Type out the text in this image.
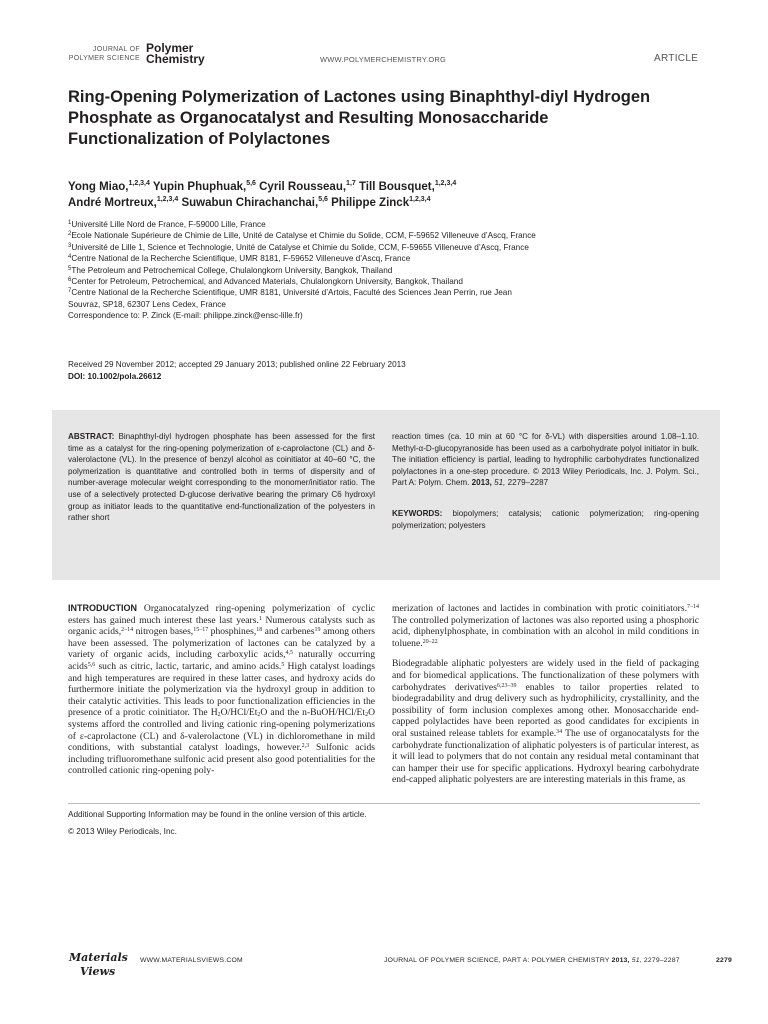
JOURNAL OF
POLYMER SCIENCE
Polymer
Chemistry	WWW.POLYMERCHEMISTRY.ORG	ARTICLE
Ring-Opening Polymerization of Lactones using Binaphthyl-diyl Hydrogen
Phosphate as Organocatalyst and Resulting Monosaccharide
Functionalization of Polylactones
Yong Miao,$^{1,2,3,4}$ Yupin Phuphuak,$^{5,6}$ Cyril Rousseau,$^{1,7}$ Till Bousquet,$^{1,2,3,4}$
André Mortreux,$^{1,2,3,4}$ Suwabun Chirachanchai,$^{5,6}$ Philippe Zinck$^{1,2,3,4}$
$^1$Université Lille Nord de France, F-59000 Lille, France
$^2$Ecole Nationale Supérieure de Chimie de Lille, Unité de Catalyse et Chimie du Solide, CCM, F-59652 Villeneuve d’Ascq, France
$^3$Université de Lille 1, Science et Technologie, Unité de Catalyse et Chimie du Solide, CCM, F-59655 Villeneuve d’Ascq, France
$^4$Centre National de la Recherche Scientifique, UMR 8181, F-59652 Villeneuve d’Ascq, France
$^5$The Petroleum and Petrochemical College, Chulalongkorn University, Bangkok, Thailand
$^6$Center for Petroleum, Petrochemical, and Advanced Materials, Chulalongkorn University, Bangkok, Thailand
$^7$Centre National de la Recherche Scientifique, UMR 8181, Université d’Artois, Faculté des Sciences Jean Perrin, rue Jean
Souvraz, SP18, 62307 Lens Cedex, France
Correspondence to: P. Zinck (E-mail: philippe.zinck@ensc-lille.fr)
Received 29 November 2012; accepted 29 January 2013; published online 22 February 2013
DOI: 10.1002/pola.26612
ABSTRACT: Binaphthyl-diyl hydrogen phosphate has been assessed for the first time as a catalyst for the ring-opening polymerization of ε-caprolactone (CL) and δ-valerolactone (VL). In the presence of benzyl alcohol as coinitiator at 40–60 °C, the polymerization is quantitative and controlled both in terms of dispersity and of number-average molecular weight corresponding to the monomer/initiator ratio. The use of a selectively protected D-glucose derivative bearing the primary C6 hydroxyl group as initiator leads to the quantitative end-functionalization of the polyesters in rather short
reaction times (ca. 10 min at 60 °C for δ-VL) with dispersities around 1.08–1.10. Methyl-α-D-glucopyranoside has been used as a carbohydrate polyol initiator in bulk. The initiation efficiency is partial, leading to hydrophilic carbohydrates functionalized polylactones in a one-step procedure. © 2013 Wiley Periodicals, Inc. J. Polym. Sci., Part A: Polym. Chem. 2013, 51, 2279–2287
KEYWORDS: biopolymers; catalysis; cationic polymerization; ring-opening polymerization; polyesters

INTRODUCTION Organocatalyzed ring-opening polymerization of cyclic esters has gained much interest these last years.$^1$ Numerous catalysts such as organic acids,$^{2-14}$ nitrogen bases,$^{15-17}$ phosphines,$^{18}$ and carbenes$^{19}$ among others have been assessed. The polymerization of lactones can be catalyzed by a variety of organic acids, including carboxylic acids,$^{4,5}$ naturally occurring acids$^{5,6}$ such as citric, lactic, tartaric, and amino acids.$^5$ High catalyst loadings and high temperatures are required in these latter cases, and hydroxy acids do furthermore initiate the polymerization via the hydroxyl group in addition to their catalytic activities. This leads to poor functionalization efficiencies in the presence of a protic coinitiator. The $H_2O/HCl/Et_2O$ and the $n-BuOH/HCl/Et_2O$ systems afford the controlled and living cationic ring-opening polymerizations of ε-caprolactone (CL) and δ-valerolactone (VL) in dichloromethane in mild conditions, with substantial catalyst loadings, however.$^{2,3}$ Sulfonic acids including trifluoromethane sulfonic acid present also good potentialities for the controlled cationic ring-opening poly-

merization of lactones and lactides in combination with protic coinitiators.$^{7-14}$ The controlled polymerization of lactones was also reported using a phosphoric acid, diphenylphosphate, in combination with an alcohol in mild conditions in toluene.$^{20-22}$

Biodegradable aliphatic polyesters are widely used in the field of packaging and for biomedical applications. The functionalization of these polymers with carbohydrates derivatives$^{6,23-39}$ enables to tailor properties related to biodegradability and drug delivery such as hydrophilicity, crystallinity, and the possibility of form inclusion complexes among other. Monosaccharide end-capped polylactides have been reported as good candidates for excipients in oral sustained release tablets for example.$^{34}$ The use of organocatalysts for the carbohydrate functionalization of aliphatic polyesters is of particular interest, as it will lead to polymers that do not contain any residual metal contaminant that can hamper their use for specific applications. Hydroxyl bearing carbohydrate end-capped aliphatic polyesters are are interesting materials in this frame, as

Additional Supporting Information may be found in the online version of this article.
© 2013 Wiley Periodicals, Inc.
Materials
Views
WWW.MATERIALSVIEWS.COM	JOURNAL OF POLYMER SCIENCE, PART A: POLYMER CHEMISTRY 2013, 51, 2279–2287	2279
